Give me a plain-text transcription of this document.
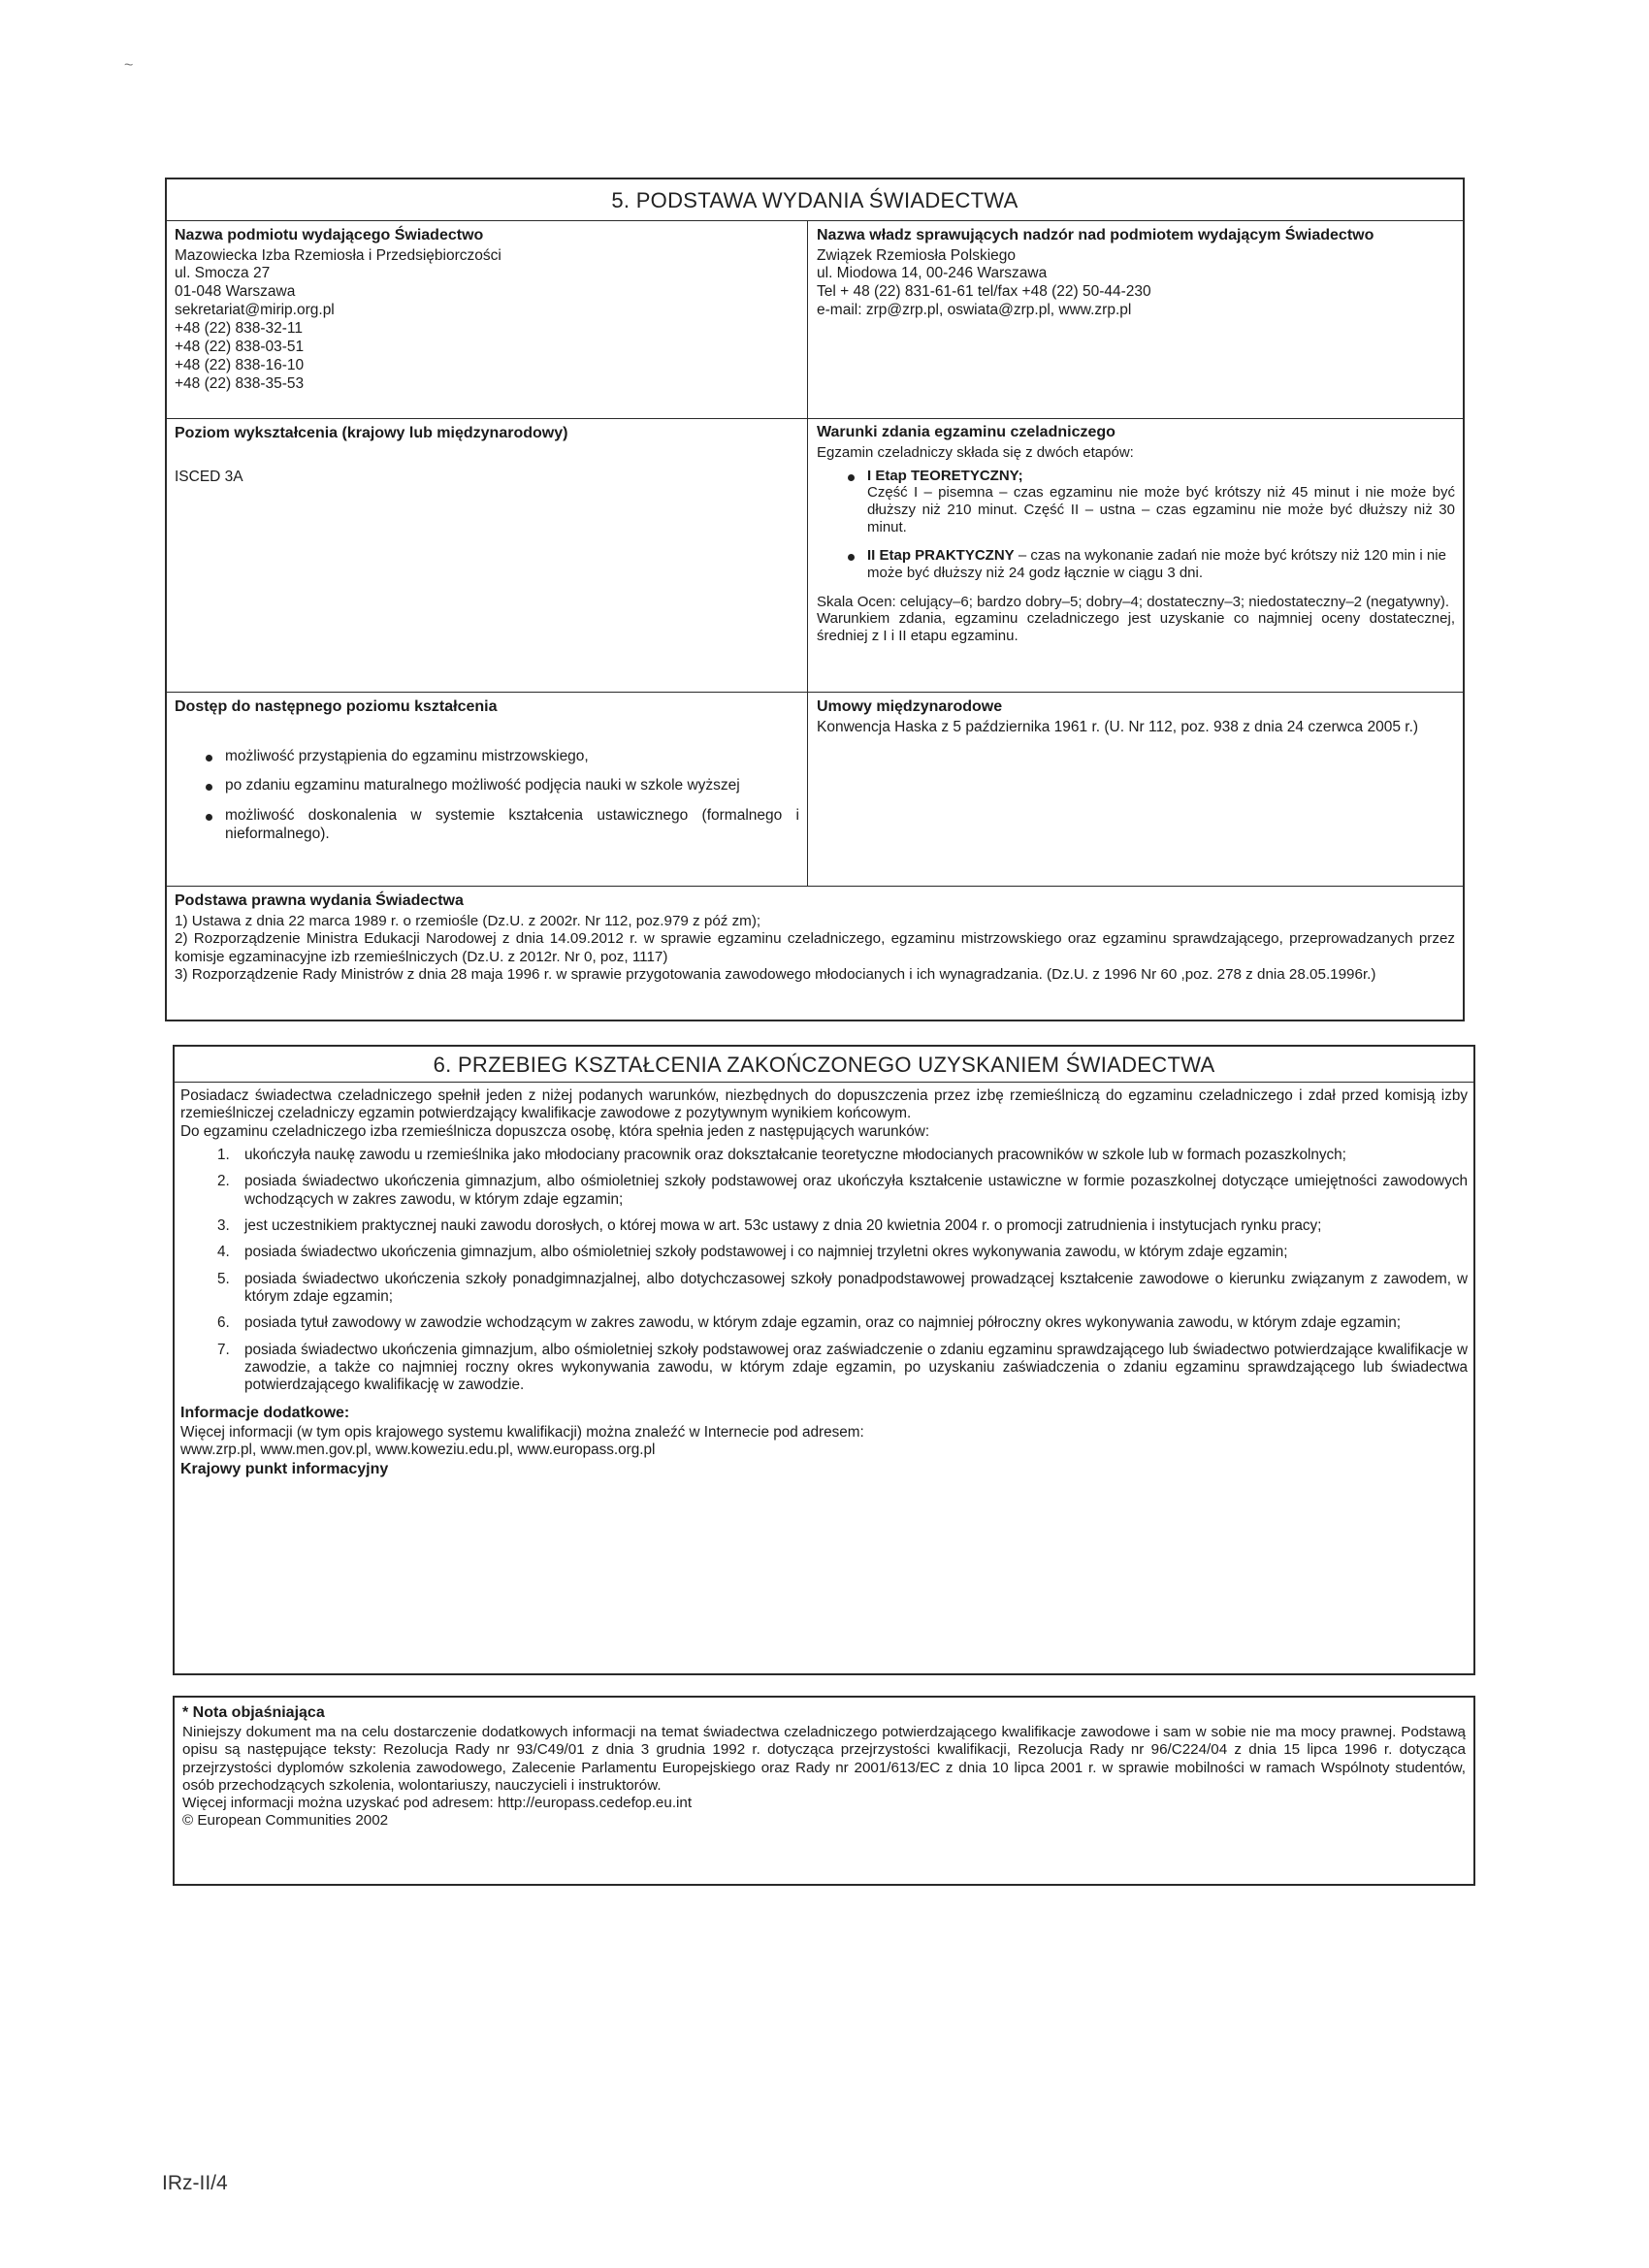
~
5. PODSTAWA WYDANIA ŚWIADECTWA

Nazwa podmiotu wydającego Świadectwo

Mazowiecka Izba Rzemiosła i Przedsiębiorczości

ul. Smocza 27

01-048 Warszawa

sekretariat@mirip.org.pl

+48 (22) 838-32-11

+48 (22) 838-03-51

+48 (22) 838-16-10

+48 (22) 838-35-53

Nazwa władz sprawujących nadzór nad podmiotem wydającym Świadectwo

Związek Rzemiosła Polskiego

ul. Miodowa 14, 00-246 Warszawa

Tel + 48 (22) 831-61-61 tel/fax +48 (22) 50-44-230

e-mail: zrp@zrp.pl, oswiata@zrp.pl, www.zrp.pl

Poziom wykształcenia (krajowy lub międzynarodowy)

ISCED 3A

Warunki zdania egzaminu czeladniczego

Egzamin czeladniczy składa się z dwóch etapów:

I Etap TEORETYCZNY;

Część I – pisemna – czas egzaminu nie może być krótszy niż 45 minut i nie może być dłuższy niż 210 minut. Część II – ustna – czas egzaminu nie może być dłuższy niż 30 minut.
II Etap PRAKTYCZNY – czas na wykonanie zadań nie może być krótszy niż 120 min i nie może być dłuższy niż 24 godz łącznie w ciągu 3 dni.

Skala Ocen: celujący–6; bardzo dobry–5; dobry–4; dostateczny–3; niedostateczny–2 (negatywny).

Warunkiem zdania, egzaminu czeladniczego jest uzyskanie co najmniej oceny dostatecznej, średniej z I i II etapu egzaminu.

Dostęp do następnego poziomu kształcenia

możliwość przystąpienia do egzaminu mistrzowskiego,
po zdaniu egzaminu maturalnego możliwość podjęcia nauki w szkole wyższej
możliwość doskonalenia w systemie kształcenia ustawicznego (formalnego i nieformalnego).

Umowy międzynarodowe

Konwencja Haska z 5 października 1961 r. (U. Nr 112, poz. 938 z dnia 24 czerwca 2005 r.)

Podstawa prawna wydania Świadectwa

1) Ustawa z dnia 22 marca 1989 r. o rzemiośle (Dz.U. z 2002r. Nr 112, poz.979 z póź zm);

2) Rozporządzenie Ministra Edukacji Narodowej z dnia 14.09.2012 r. w sprawie egzaminu czeladniczego, egzaminu mistrzowskiego oraz egzaminu sprawdzającego, przeprowadzanych przez komisje egzaminacyjne izb rzemieślniczych (Dz.U. z 2012r. Nr 0, poz, 1117)

3) Rozporządzenie Rady Ministrów z dnia 28 maja 1996 r. w sprawie przygotowania zawodowego młodocianych i ich wynagradzania. (Dz.U. z 1996 Nr 60 ,poz. 278 z dnia 28.05.1996r.)

6. PRZEBIEG KSZTAŁCENIA ZAKOŃCZONEGO UZYSKANIEM ŚWIADECTWA

Posiadacz świadectwa czeladniczego spełnił jeden z niżej podanych warunków, niezbędnych do dopuszczenia przez izbę rzemieślniczą do egzaminu czeladniczego i zdał przed komisją izby rzemieślniczej czeladniczy egzamin potwierdzający kwalifikacje zawodowe z pozytywnym wynikiem końcowym.

Do egzaminu czeladniczego izba rzemieślnicza dopuszcza osobę, która spełnia jeden z następujących warunków:

1. ukończyła naukę zawodu u rzemieślnika jako młodociany pracownik oraz dokształcanie teoretyczne młodocianych pracowników w szkole lub w formach pozaszkolnych;
2. posiada świadectwo ukończenia gimnazjum, albo ośmioletniej szkoły podstawowej oraz ukończyła kształcenie ustawiczne w formie pozaszkolnej dotyczące umiejętności zawodowych wchodzących w zakres zawodu, w którym zdaje egzamin;
3. jest uczestnikiem praktycznej nauki zawodu dorosłych, o której mowa w art. 53c ustawy z dnia 20 kwietnia 2004 r. o promocji zatrudnienia i instytucjach rynku pracy;
4. posiada świadectwo ukończenia gimnazjum, albo ośmioletniej szkoły podstawowej i co najmniej trzyletni okres wykonywania zawodu, w którym zdaje egzamin;
5. posiada świadectwo ukończenia szkoły ponadgimnazjalnej, albo dotychczasowej szkoły ponadpodstawowej prowadzącej kształcenie zawodowe o kierunku związanym z zawodem, w którym zdaje egzamin;
6. posiada tytuł zawodowy w zawodzie wchodzącym w zakres zawodu, w którym zdaje egzamin, oraz co najmniej półroczny okres wykonywania zawodu, w którym zdaje egzamin;
7. posiada świadectwo ukończenia gimnazjum, albo ośmioletniej szkoły podstawowej oraz zaświadczenie o zdaniu egzaminu sprawdzającego lub świadectwo potwierdzające kwalifikacje w zawodzie, a także co najmniej roczny okres wykonywania zawodu, w którym zdaje egzamin, po uzyskaniu zaświadczenia o zdaniu egzaminu sprawdzającego lub świadectwa potwierdzającego kwalifikację w zawodzie.

Informacje dodatkowe:

Więcej informacji (w tym opis krajowego systemu kwalifikacji) można znaleźć w Internecie pod adresem:

www.zrp.pl, www.men.gov.pl, www.koweziu.edu.pl, www.europass.org.pl

Krajowy punkt informacyjny

* Nota objaśniająca

Niniejszy dokument ma na celu dostarczenie dodatkowych informacji na temat świadectwa czeladniczego potwierdzającego kwalifikacje zawodowe i sam w sobie nie ma mocy prawnej. Podstawą opisu są następujące teksty: Rezolucja Rady nr 93/C49/01 z dnia 3 grudnia 1992 r. dotycząca przejrzystości kwalifikacji, Rezolucja Rady nr 96/C224/04 z dnia 15 lipca 1996 r. dotycząca przejrzystości dyplomów szkolenia zawodowego, Zalecenie Parlamentu Europejskiego oraz Rady nr 2001/613/EC z dnia 10 lipca 2001 r. w sprawie mobilności w ramach Wspólnoty studentów, osób przechodzących szkolenia, wolontariuszy, nauczycieli i instruktorów.

Więcej informacji można uzyskać pod adresem: http://europass.cedefop.eu.int

© European Communities 2002

IRz-II/4
